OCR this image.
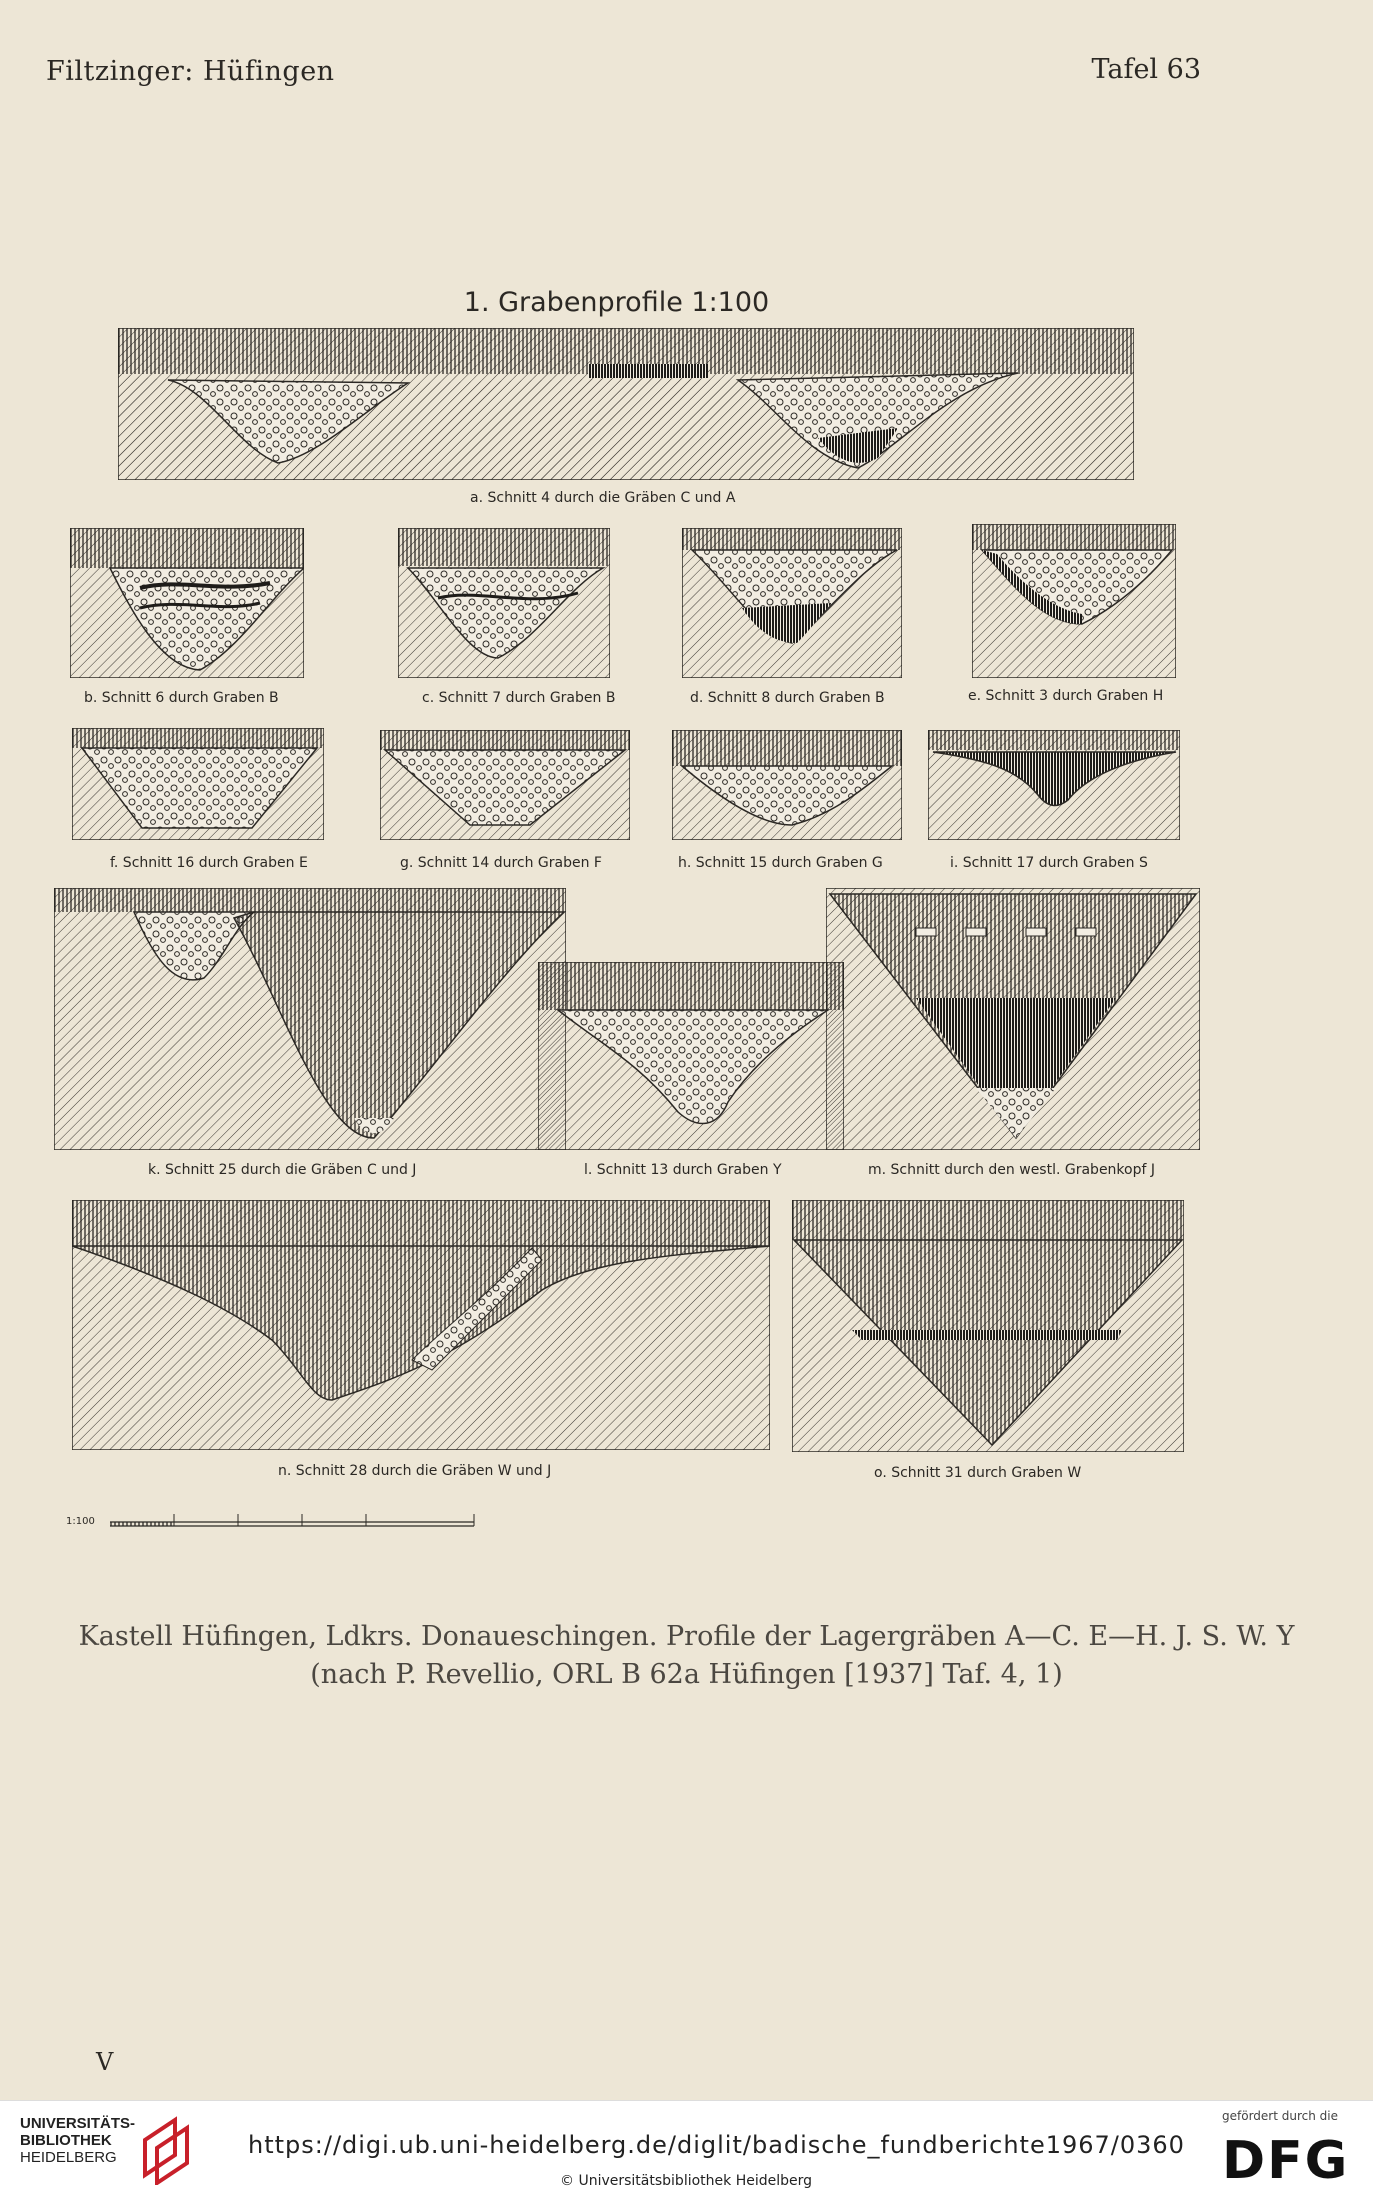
Filtzinger: Hüfingen	Tafel 63
1. Grabenprofile 1:100
a. Schnitt 4 durch die Gräben C und A
b. Schnitt 6 durch Graben B	c. Schnitt 7 durch Graben B	d. Schnitt 8 durch Graben B	e. Schnitt 3 durch Graben H
f. Schnitt 16 durch Graben E	g. Schnitt 14 durch Graben F	h. Schnitt 15 durch Graben G	i. Schnitt 17 durch Graben S
k. Schnitt 25 durch die Gräben C und J	l. Schnitt 13 durch Graben Y	m. Schnitt durch den westl. Grabenkopf J
n. Schnitt 28 durch die Gräben W und J	o. Schnitt 31 durch Graben W
1:100
Kastell Hüfingen, Ldkrs. Donaueschingen. Profile der Lagergräben A—C. E—H. J. S. W. Y
(nach P. Revellio, ORL B 62a Hüfingen [1937] Taf. 4, 1)
V
UNIVERSITÄTS-
BIBLIOTHEK
HEIDELBERG	https://digi.ub.uni-heidelberg.de/diglit/badische_fundberichte1967/0360
© Universitätsbibliothek Heidelberg
gefördert durch die
DFG
